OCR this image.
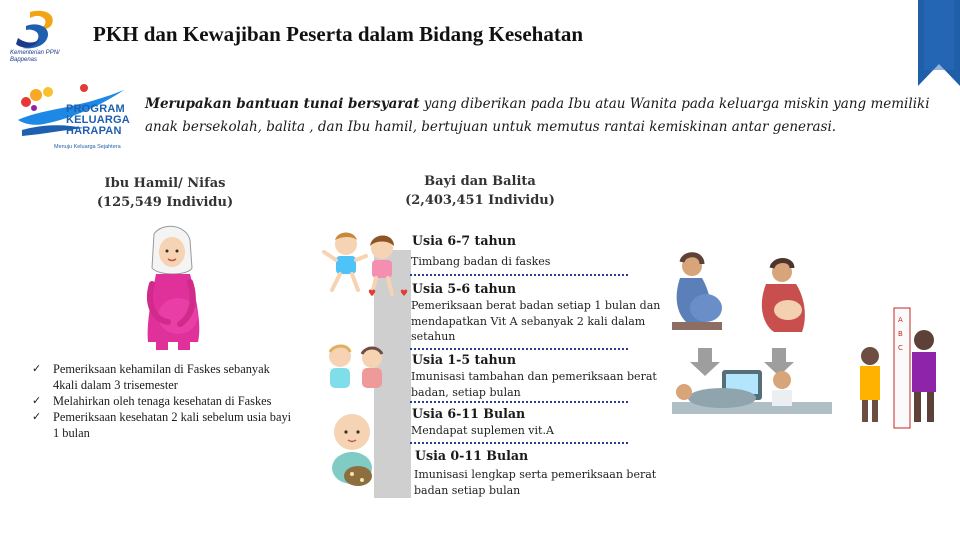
Kementerian PPN/
Bappenas
PKH dan Kewajiban Peserta dalam Bidang Kesehatan
PROGRAM
KELUARGA
HARAPAN
Menuju Keluarga Sejahtera
Merupakan bantuan tunai bersyarat yang diberikan pada Ibu atau Wanita pada keluarga miskin yang memiliki anak bersekolah, balita , dan Ibu hamil, bertujuan untuk memutus rantai kemiskinan antar generasi.
Ibu Hamil/ Nifas
(125,549 Individu)
Bayi dan Balita
(2,403,451 Individu)
✓ Pemeriksaan kehamilan di Faskes sebanyak 4kali dalam 3 trisemester
✓ Melahirkan oleh tenaga kesehatan di Faskes
✓ Pemeriksaan kesehatan 2 kali sebelum usia bayi 1 bulan
♥	♥
Usia 6-7 tahun
Timbang badan di faskes
Usia 5-6 tahun
Pemeriksaan berat badan setiap 1 bulan dan mendapatkan Vit A sebanyak 2 kali dalam setahun
Usia 1-5 tahun
Imunisasi tambahan dan pemeriksaan berat badan, setiap bulan
Usia 6-11 Bulan
Mendapat suplemen vit.A
Usia 0-11 Bulan
Imunisasi lengkap serta pemeriksaan berat badan setiap bulan
A
B
C
